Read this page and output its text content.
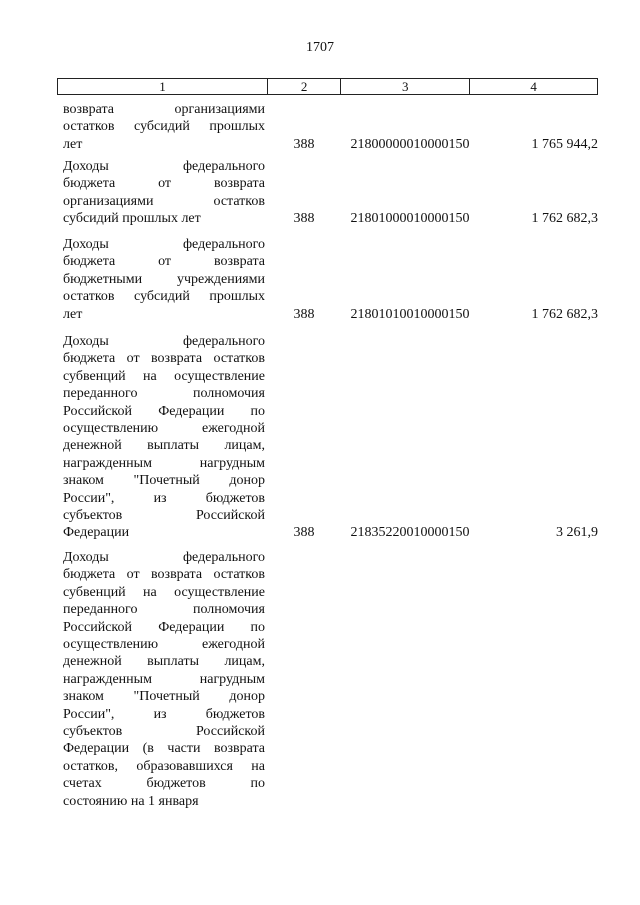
1707
1	2	3	4
возврата организациями
остатков субсидий прошлых
лет	388	21800000010000150	1 765 944,2
Доходы федерального
бюджета от возврата
организациями остатков
субсидий прошлых лет	388	21801000010000150	1 762 682,3
Доходы федерального
бюджета от возврата
бюджетными учреждениями
остатков субсидий прошлых
лет	388	21801010010000150	1 762 682,3
Доходы федерального
бюджета от возврата остатков
субвенций на осуществление
переданного полномочия
Российской Федерации по
осуществлению ежегодной
денежной выплаты лицам,
награжденным нагрудным
знаком "Почетный донор
России", из бюджетов
субъектов Российской
Федерации	388	21835220010000150	3 261,9
Доходы федерального
бюджета от возврата остатков
субвенций на осуществление
переданного полномочия
Российской Федерации по
осуществлению ежегодной
денежной выплаты лицам,
награжденным нагрудным
знаком "Почетный донор
России", из бюджетов
субъектов Российской
Федерации (в части возврата
остатков, образовавшихся на
счетах бюджетов по
состоянию на 1 января
